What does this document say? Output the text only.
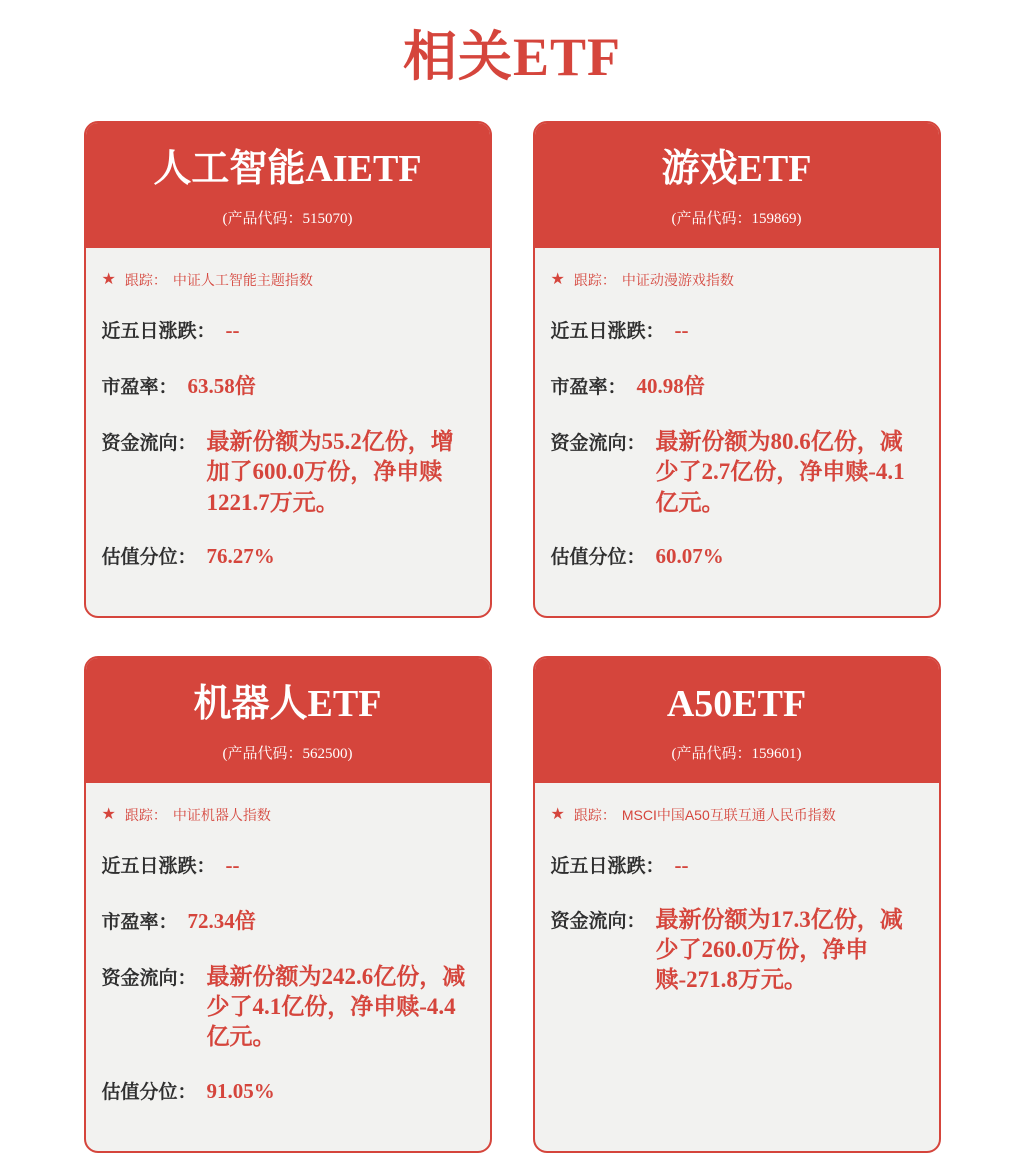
相关ETF
人工智能AIETF
(产品代码：515070)
★ 跟踪： 中证人工智能主题指数
近五日涨跌： --
市盈率： 63.58倍
资金流向： 最新份额为55.2亿份，增加了600.0万份，净申赎1221.7万元。
估值分位： 76.27%
游戏ETF
(产品代码：159869)
★ 跟踪： 中证动漫游戏指数
近五日涨跌： --
市盈率： 40.98倍
资金流向： 最新份额为80.6亿份，减少了2.7亿份，净申赎-4.1亿元。
估值分位： 60.07%
机器人ETF
(产品代码：562500)
★ 跟踪： 中证机器人指数
近五日涨跌： --
市盈率： 72.34倍
资金流向： 最新份额为242.6亿份，减少了4.1亿份，净申赎-4.4亿元。
估值分位： 91.05%
A50ETF
(产品代码：159601)
★ 跟踪： MSCI中国A50互联互通人民币指数
近五日涨跌： --
资金流向： 最新份额为17.3亿份，减少了260.0万份，净申赎-271.8万元。
